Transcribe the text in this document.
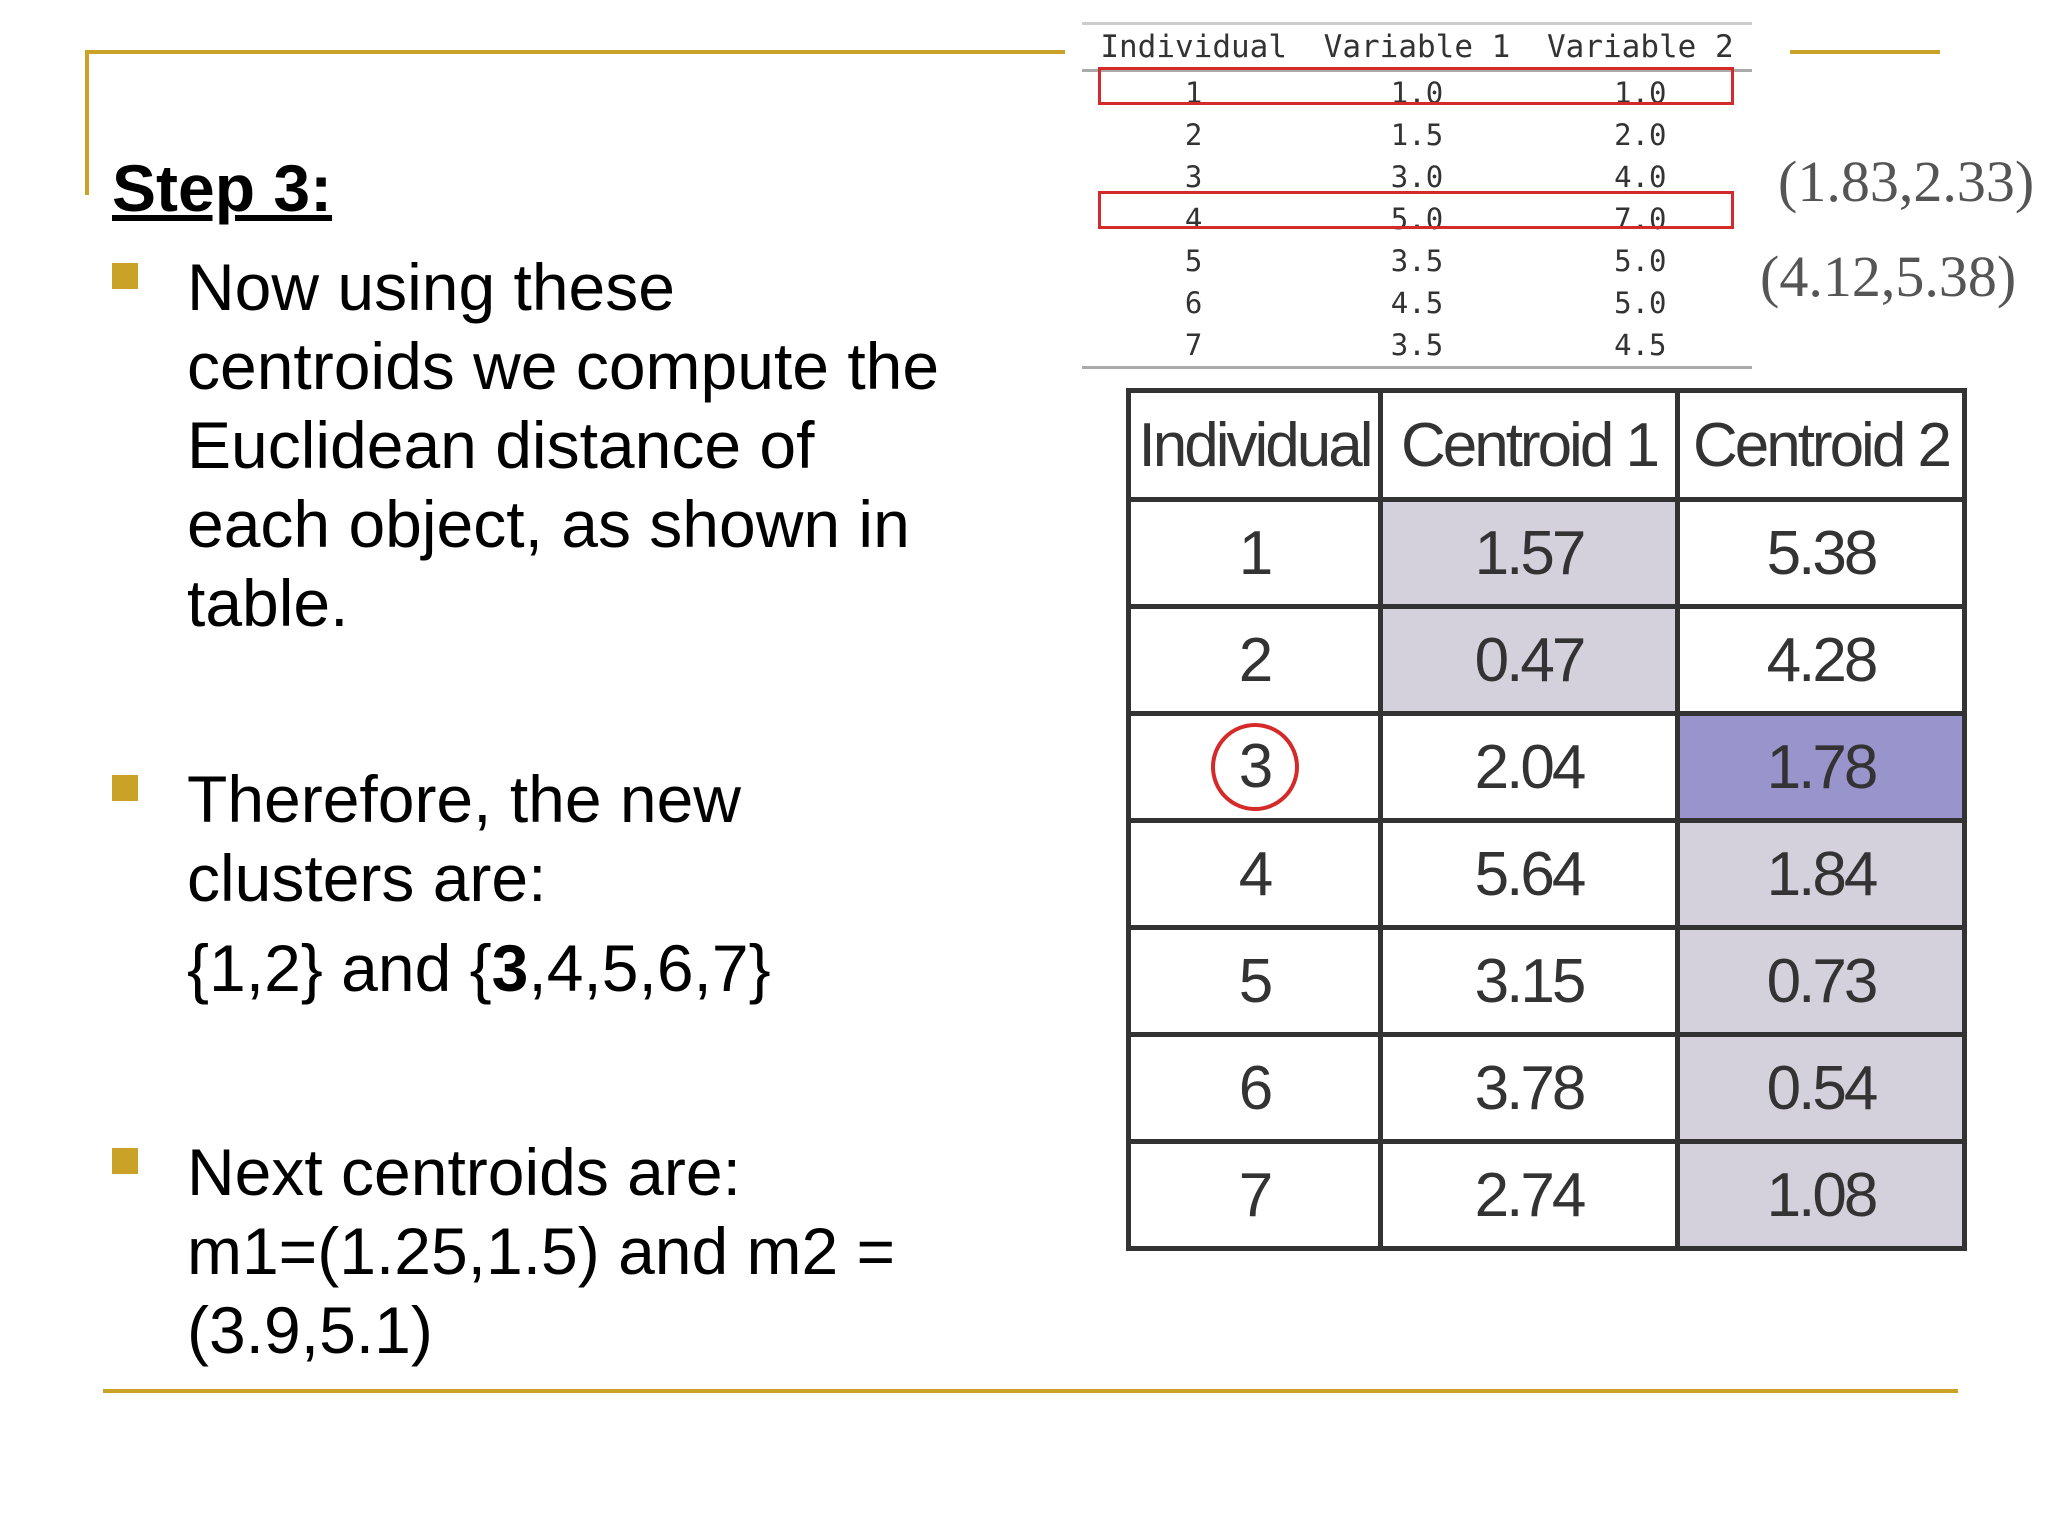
Step 3:
Now using these
centroids we compute the
Euclidean distance of
each object, as shown in
table.
Therefore, the new
clusters are:
{1,2} and {3,4,5,6,7}
Next centroids are:
m1=(1.25,1.5) and m2 =
(3.9,5.1)
Individual	Variable 1	Variable 2
1	1.0	1.0
2	1.5	2.0
3	3.0	4.0
4	5.0	7.0
5	3.5	5.0
6	4.5	5.0
7	3.5	4.5
(1.83,2.33)
(4.12,5.38)
Individual	Centroid 1	Centroid 2
1	1.57	5.38
2	0.47	4.28
3	2.04	1.78
4	5.64	1.84
5	3.15	0.73
6	3.78	0.54
7	2.74	1.08
